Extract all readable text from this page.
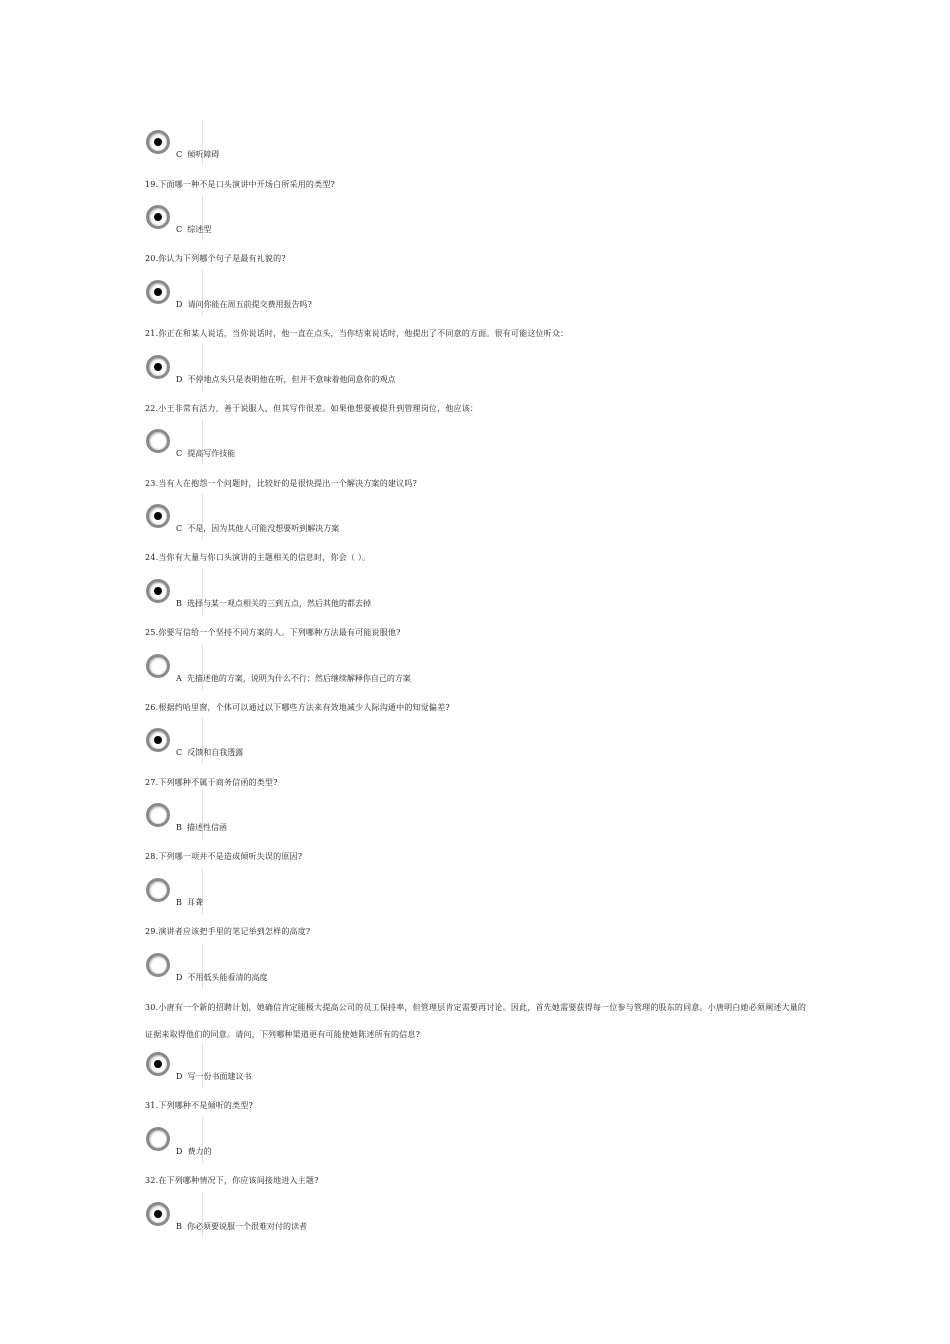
C 倾听障碍

19.下面哪一种不是口头演讲中开场白所采用的类型?

C 综述型

20.你认为下列哪个句子是最有礼貌的?

D 请问你能在周五前提交费用报告吗?

21.你正在和某人说话，当你说话时，他一直在点头，当你结束说话时，他提出了不同意的方面。很有可能这位听众：

D 不停地点头只是表明他在听，但并不意味着他同意你的观点

22.小王非常有活力，善于说服人，但其写作很差。如果他想要被提升到管理岗位，他应该：

C 提高写作技能

23.当有人在抱怨一个问题时，比较好的是很快提出一个解决方案的建议吗?

C 不是，因为其他人可能没想要听到解决方案

24.当你有大量与你口头演讲的主题相关的信息时，你会（ ）。

B 选择与某一观点相关的三到五点，然后其他的都去掉

25.你要写信给一个坚持不同方案的人。下列哪种方法最有可能说服他?

A 先描述他的方案，说明为什么不行；然后继续解释你自己的方案

26.根据约哈里窗，个体可以通过以下哪些方法来有效地减少人际沟通中的知觉偏差?

C 反馈和自我透露

27.下列哪种不属于商务信函的类型?

B 描述性信函

28.下列哪一项并不是造成倾听失误的原因?

B 耳聋

29.演讲者应该把手里的笔记举到怎样的高度?

D 不用低头能看清的高度

30.小唐有一个新的招聘计划，她确信肯定能极大提高公司的员工保持率，但管理层肯定需要再讨论。因此，首先她需要获得每一位参与管理的股东的同意。小唐明白她必须阐述大量的证据来取得他们的同意。请问，下列哪种渠道更有可能使她陈述所有的信息?

D 写一份书面建议书

31.下列哪种不是倾听的类型?

D 费力的

32.在下列哪种情况下，你应该间接地进入主题?

B 你必须要说服一个很难对付的读者
